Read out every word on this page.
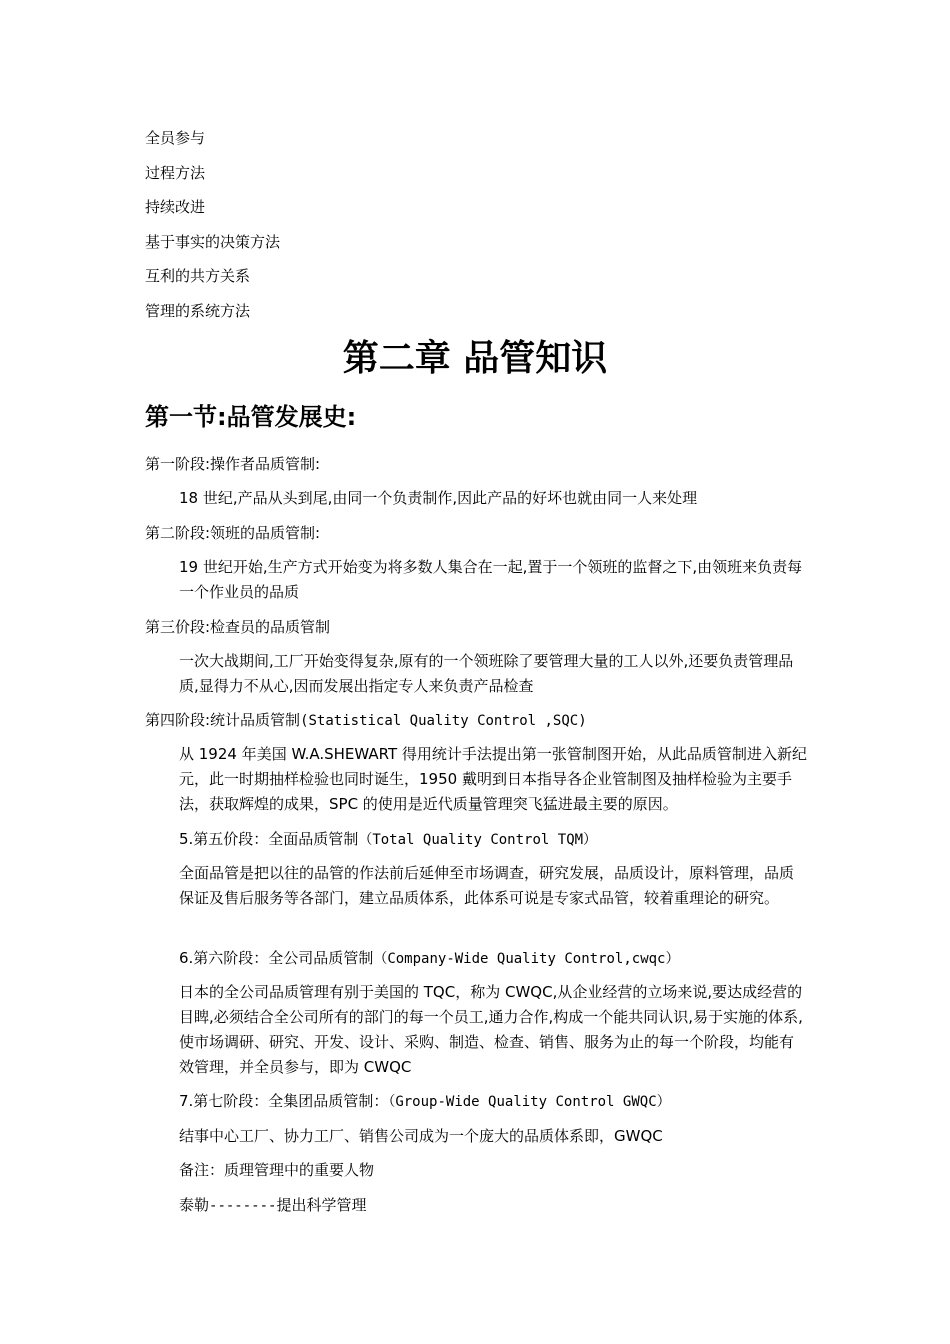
全员参与
过程方法
持续改进
基于事实的决策方法
互利的共方关系
管理的系统方法
第二章 品管知识
第一节:品管发展史:
第一阶段:操作者品质管制:
18 世纪,产品从头到尾,由同一个负责制作,因此产品的好坏也就由同一人来处理
第二阶段:领班的品质管制:
19 世纪开始,生产方式开始变为将多数人集合在一起,置于一个领班的监督之下,由领班来负责每一个作业员的品质
第三价段:检查员的品质管制
一次大战期间,工厂开始变得复杂,原有的一个领班除了要管理大量的工人以外,还要负责管理品质,显得力不从心,因而发展出指定专人来负责产品检查
第四阶段:统计品质管制(Statistical Quality Control ,SQC)
从 1924 年美国 W.A.SHEWART 得用统计手法提出第一张管制图开始，从此品质管制进入新纪元，此一时期抽样检验也同时诞生，1950 戴明到日本指导各企业管制图及抽样检验为主要手法，获取辉煌的成果，SPC 的使用是近代质量管理突飞猛进最主要的原因。
5.第五价段：全面品质管制（Total Quality Control TQM）
全面品管是把以往的品管的作法前后延伸至市场调查，研究发展，品质设计，原料管理，品质保证及售后服务等各部门，建立品质体系，此体系可说是专家式品管，较着重理论的研究。
6.第六阶段：全公司品质管制（Company-Wide Quality Control,cwqc）
日本的全公司品质管理有别于美国的 TQC，称为 CWQC,从企业经营的立场来说,要达成经营的目睥,必须结合全公司所有的部门的每一个员工,通力合作,构成一个能共同认识,易于实施的体系,使市场调研、研究、开发、设计、采购、制造、检查、销售、服务为止的每一个阶段，均能有效管理，并全员参与，即为 CWQC
7.第七阶段：全集团品质管制：（Group-Wide Quality Control GWQC）
结事中心工厂、协力工厂、销售公司成为一个庞大的品质体系即，GWQC
备注：质理管理中的重要人物
泰勒--------提出科学管理
